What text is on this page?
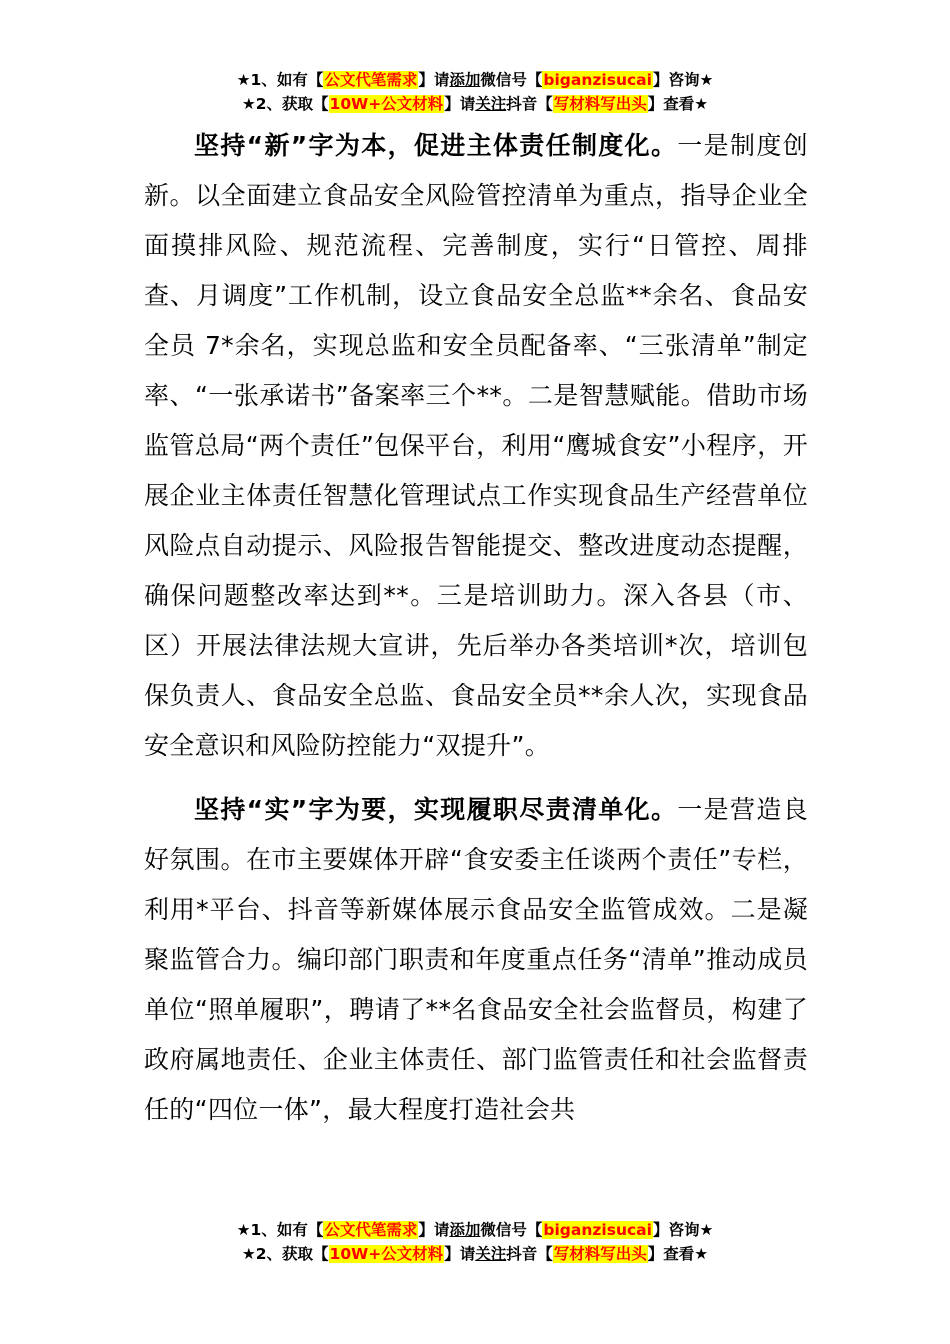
★1、如有【公文代笔需求】请添加微信号【biganzisucai】咨询★
★2、获取【10W+公文材料】请关注抖音【写材料写出头】查看★

坚持“新”字为本，促进主体责任制度化。一是制度创新。以全面建立食品安全风险管控清单为重点，指导企业全面摸排风险、规范流程、完善制度，实行“日管控、周排查、月调度”工作机制，设立食品安全总监**余名、食品安全员 7*余名，实现总监和安全员配备率、“三张清单”制定率、“一张承诺书”备案率三个**。二是智慧赋能。借助市场监管总局“两个责任”包保平台，利用“鹰城食安”小程序，开展企业主体责任智慧化管理试点工作实现食品生产经营单位风险点自动提示、风险报告智能提交、整改进度动态提醒，确保问题整改率达到**。三是培训助力。深入各县（市、区）开展法律法规大宣讲，先后举办各类培训*次，培训包保负责人、食品安全总监、食品安全员**余人次，实现食品安全意识和风险防控能力“双提升”。

坚持“实”字为要，实现履职尽责清单化。一是营造良好氛围。在市主要媒体开辟“食安委主任谈两个责任”专栏，利用*平台、抖音等新媒体展示食品安全监管成效。二是凝聚监管合力。编印部门职责和年度重点任务“清单”推动成员单位“照单履职”，聘请了**名食品安全社会监督员，构建了政府属地责任、企业主体责任、部门监管责任和社会监督责任的“四位一体”，最大程度打造社会共

★1、如有【公文代笔需求】请添加微信号【biganzisucai】咨询★
★2、获取【10W+公文材料】请关注抖音【写材料写出头】查看★
